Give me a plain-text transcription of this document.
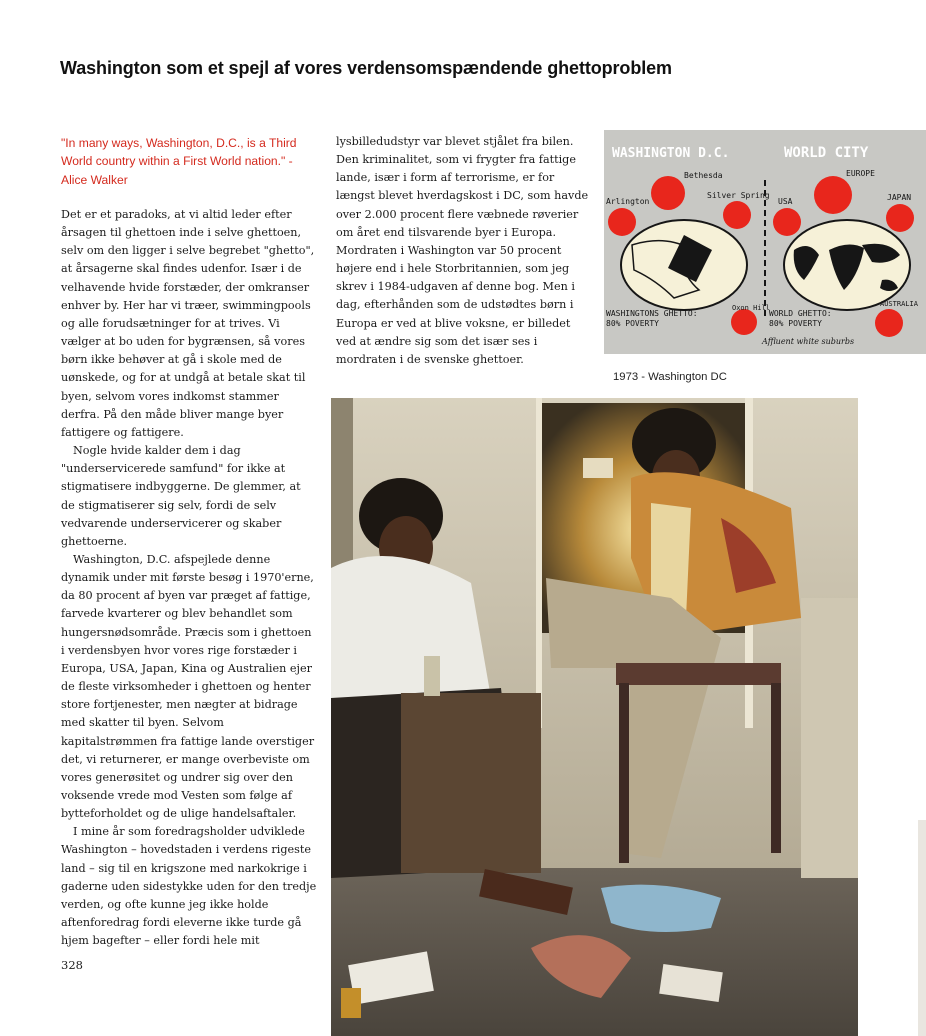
Washington som et spejl af vores verdensomspændende ghettoproblem
"In many ways, Washington, D.C., is a Third World country within a First World nation." - Alice Walker

Det er et paradoks, at vi altid leder efter årsagen til ghettoen inde i selve ghettoen, selv om den ligger i selve begrebet "ghetto", at årsagerne skal findes udenfor. Især i de velhavende hvide forstæder, der omkranser enhver by. Her har vi træer, swimmingpools og alle forudsætninger for at trives. Vi vælger at bo uden for bygrænsen, så vores børn ikke behøver at gå i skole med de uønskede, og for at undgå at betale skat til byen, selvom vores indkomst stammer derfra. På den måde bliver mange byer fattigere og fattigere.

Nogle hvide kalder dem i dag "underservicerede samfund" for ikke at stigmatisere indbyggerne. De glemmer, at de stigmatiserer sig selv, fordi de selv vedvarende underservicerer og skaber ghettoerne.

Washington, D.C. afspejlede denne dynamik under mit første besøg i 1970'erne, da 80 procent af byen var præget af fattige, farvede kvarterer og blev behandlet som hungersnødsområde. Præcis som i ghettoen i verdensbyen hvor vores rige forstæder i Europa, USA, Japan, Kina og Australien ejer de fleste virksomheder i ghettoen og henter store fortjenester, men nægter at bidrage med skatter til byen. Selvom kapitalstrømmen fra fattige lande overstiger det, vi returnerer, er mange overbeviste om vores generøsitet og undrer sig over den voksende vrede mod Vesten som følge af bytteforholdet og de ulige handelsaftaler.

I mine år som foredragsholder udviklede Washington – hovedstaden i verdens rigeste land – sig til en krigszone med narkokrige i gaderne uden sidestykke uden for den tredje verden, og ofte kunne jeg ikke holde aftenforedrag fordi eleverne ikke turde gå hjem bagefter – eller fordi hele mit

lysbilledudstyr var blevet stjålet fra bilen. Den kriminalitet, som vi frygter fra fattige lande, især i form af terrorisme, er for længst blevet hverdagskost i DC, som havde over 2.000 procent flere væbnede røverier om året end tilsvarende byer i Europa. Mordraten i Washington var 50 procent højere end i hele Storbritannien, som jeg skrev i 1984-udgaven af denne bog. Men i dag, efterhånden som de udstødtes børn i Europa er ved at blive voksne, er billedet ved at ændre sig som det især ses i mordraten i de svenske ghettoer.

WASHINGTON D.C.	WORLD CITY
Bethesda
Silver Spring
Arlington
Oxon Hill
WASHINGTONS GHETTO:
80% POVERTY
EUROPE
USA	JAPAN
AUSTRALIA
WORLD GHETTO:
80% POVERTY
Affluent white suburbs
1973 - Washington DC
328
